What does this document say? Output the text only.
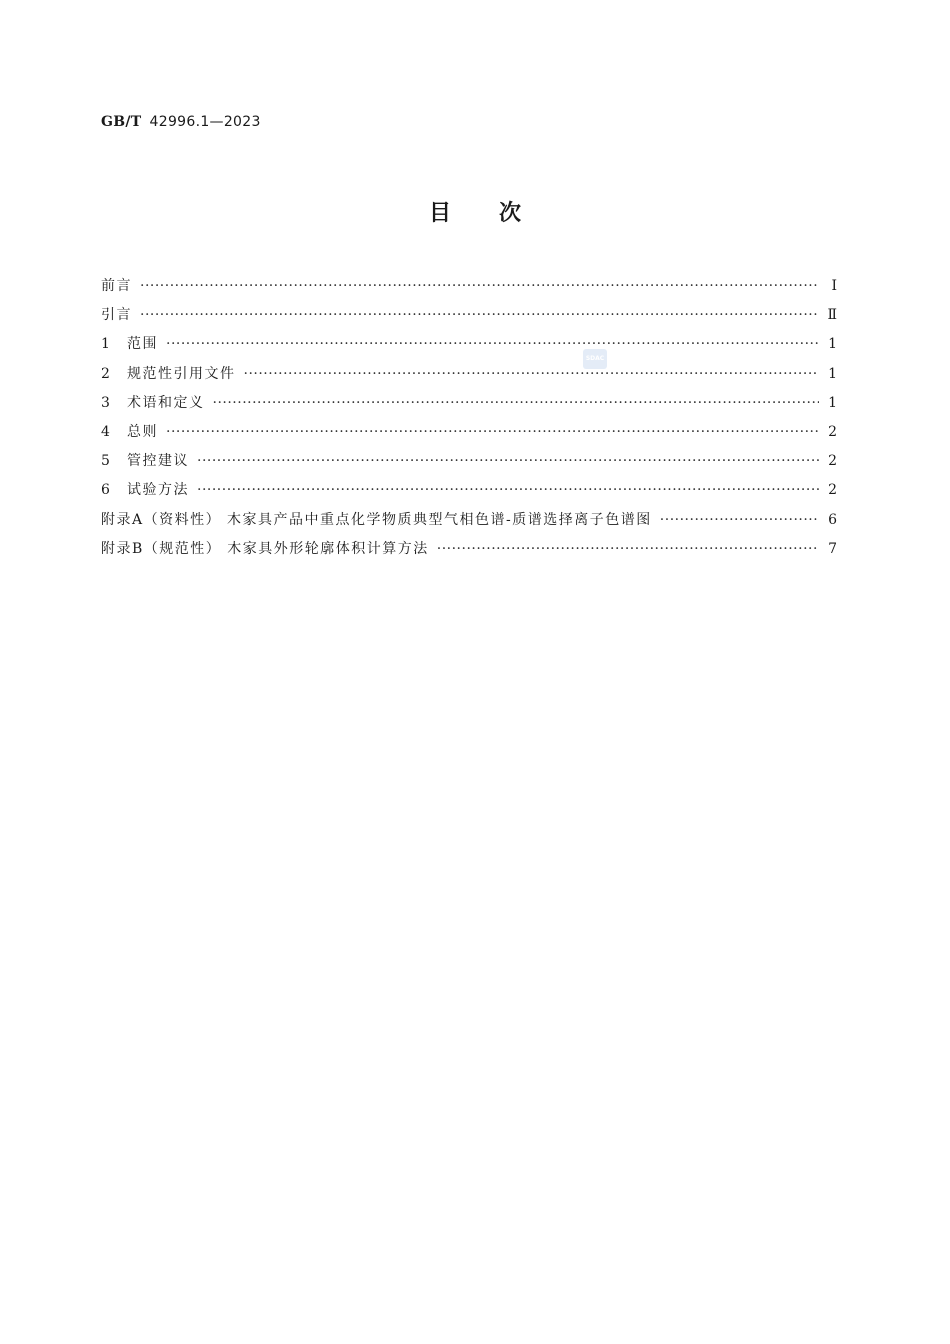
GB/T 42996.1—2023
目次
SDAC
前言 ·····	Ⅰ
引言 ·····	Ⅱ
1	范围 ·····	1
2	规范性引用文件 ·····	1
3	术语和定义 ·····	1
4	总则 ·····	2
5	管控建议 ·····	2
6	试验方法 ·····	2
附录A（资料性） 木家具产品中重点化学物质典型气相色谱-质谱选择离子色谱图 ·····	6
附录B（规范性） 木家具外形轮廓体积计算方法 ·····	7
